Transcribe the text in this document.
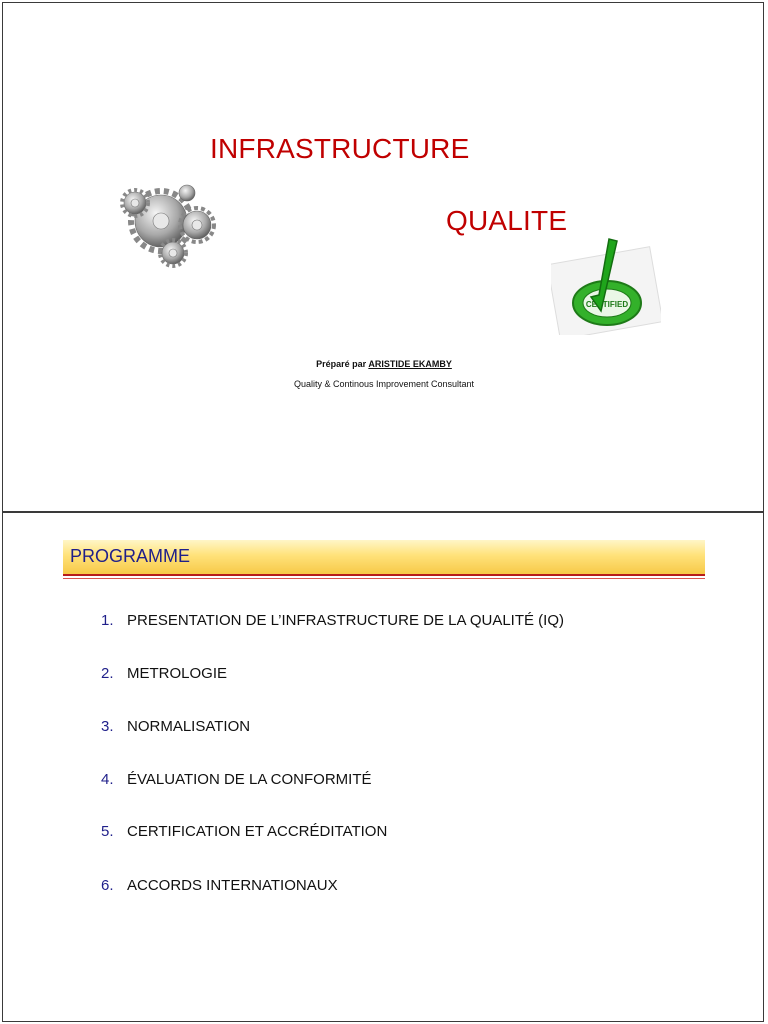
INFRASTRUCTURE
QUALITE
CERTIFIED
Préparé par ARISTIDE EKAMBY
Quality & Continous Improvement Consultant
PROGRAMME
1. PRESENTATION DE L’INFRASTRUCTURE DE LA QUALITÉ (IQ)
2. METROLOGIE
3. NORMALISATION
4. ÉVALUATION DE LA CONFORMITÉ
5. CERTIFICATION ET ACCRÉDITATION
6. ACCORDS INTERNATIONAUX
